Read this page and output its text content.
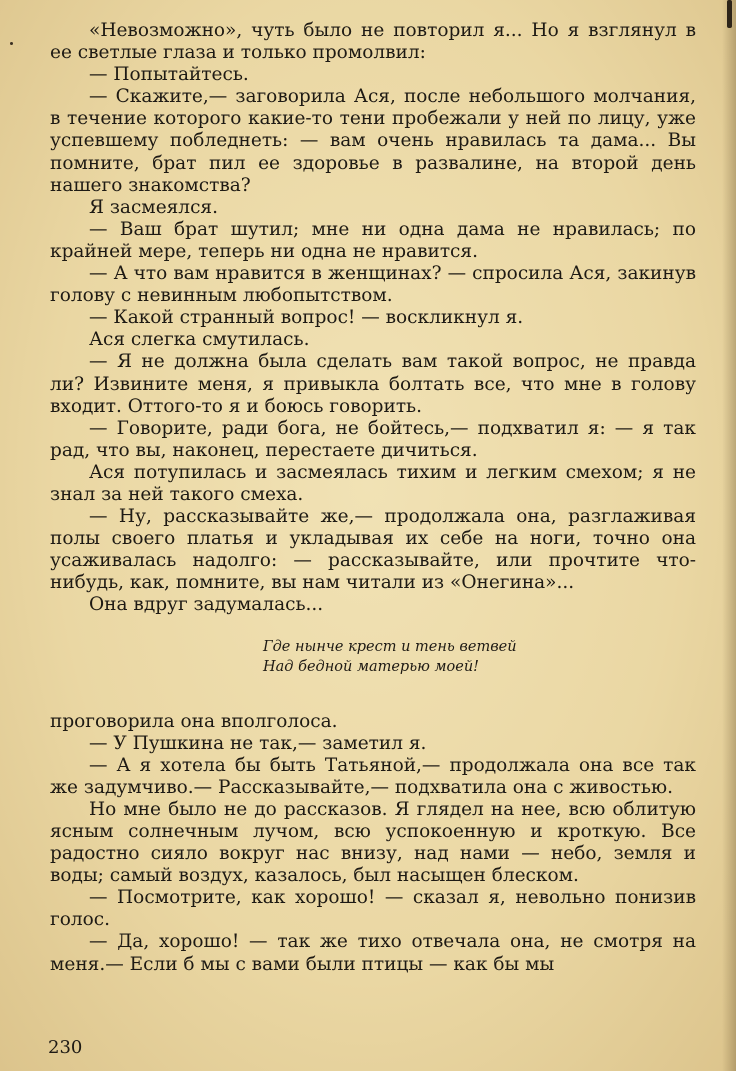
«Невозможно», чуть было не повторил я... Но я взглянул в ее светлые глаза и только промолвил:

— Попытайтесь.

— Скажите,— заговорила Ася, после небольшого молчания, в течение которого какие-то тени пробежали у ней по лицу, уже успевшему побледнеть: — вам очень нравилась та дама... Вы помните, брат пил ее здоровье в развалине, на второй день нашего знакомства?

Я засмеялся.

— Ваш брат шутил; мне ни одна дама не нравилась; по крайней мере, теперь ни одна не нравится.

— А что вам нравится в женщинах? — спросила Ася, закинув голову с невинным любопытством.

— Какой странный вопрос! — воскликнул я.

Ася слегка смутилась.

— Я не должна была сделать вам такой вопрос, не правда ли? Извините меня, я привыкла болтать все, что мне в голову входит. Оттого-то я и боюсь говорить.

— Говорите, ради бога, не бойтесь,— подхватил я: — я так рад, что вы, наконец, перестаете дичиться.

Ася потупилась и засмеялась тихим и легким смехом; я не знал за ней такого смеха.

— Ну, рассказывайте же,— продолжала она, разглаживая полы своего платья и укладывая их себе на ноги, точно она усаживалась надолго: — рассказывайте, или прочтите что-нибудь, как, помните, вы нам читали из «Онегина»...

Она вдруг задумалась...

Где нынче крест и тень ветвей
Над бедной матерью моей!

проговорила она вполголоса.

— У Пушкина не так,— заметил я.

— А я хотела бы быть Татьяной,— продолжала она все так же задумчиво.— Рассказывайте,— подхватила она с живостью.

Но мне было не до рассказов. Я глядел на нее, всю облитую ясным солнечным лучом, всю успокоенную и кроткую. Все радостно сияло вокруг нас внизу, над нами — небо, земля и воды; самый воздух, казалось, был насыщен блеском.

— Посмотрите, как хорошо! — сказал я, невольно понизив голос.

— Да, хорошо! — так же тихо отвечала она, не смотря на меня.— Если б мы с вами были птицы — как бы мы

230
